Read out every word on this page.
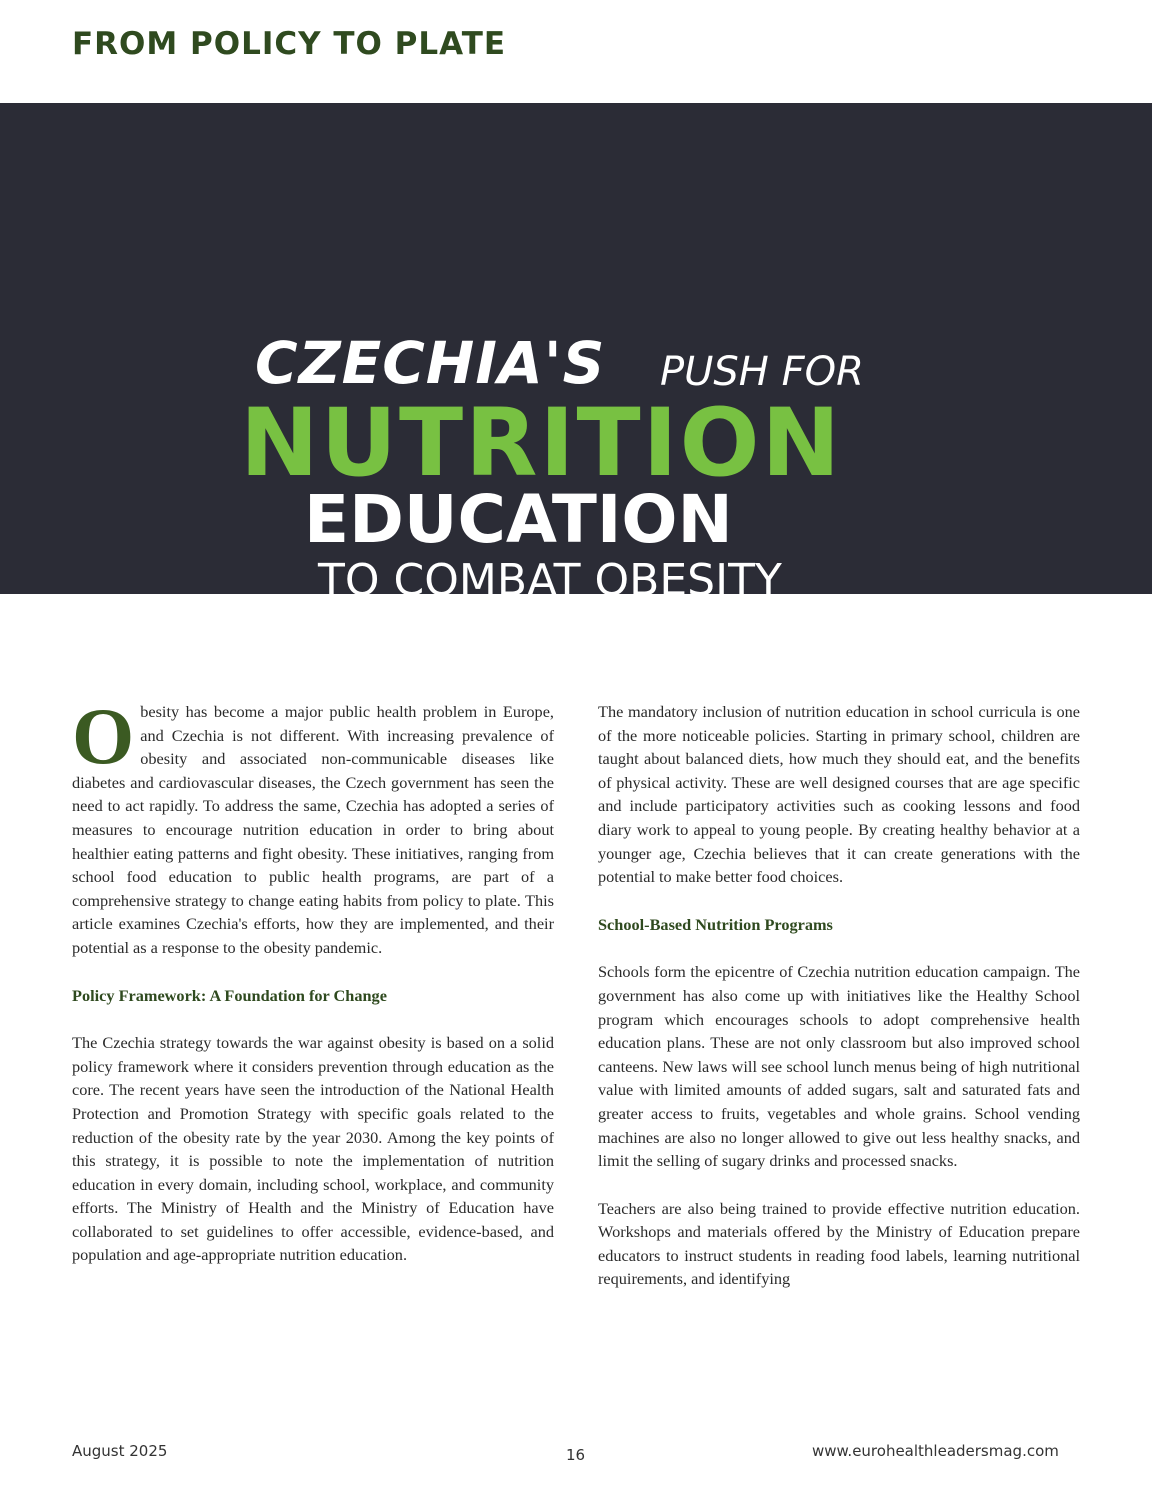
FROM POLICY TO PLATE
CZECHIA'S PUSH FOR
NUTRITION
EDUCATION
TO COMBAT OBESITY

Obesity has become a major public health problem in Europe, and Czechia is not different. With increasing prevalence of obesity and associated non-communicable diseases like diabetes and cardiovascular diseases, the Czech government has seen the need to act rapidly. To address the same, Czechia has adopted a series of measures to encourage nutrition education in order to bring about healthier eating patterns and fight obesity. These initiatives, ranging from school food education to public health programs, are part of a comprehensive strategy to change eating habits from policy to plate. This article examines Czechia's efforts, how they are implemented, and their potential as a response to the obesity pandemic.

Policy Framework: A Foundation for Change

The Czechia strategy towards the war against obesity is based on a solid policy framework where it considers prevention through education as the core. The recent years have seen the introduction of the National Health Protection and Promotion Strategy with specific goals related to the reduction of the obesity rate by the year 2030. Among the key points of this strategy, it is possible to note the implementation of nutrition education in every domain, including school, workplace, and community efforts. The Ministry of Health and the Ministry of Education have collaborated to set guidelines to offer accessible, evidence-based, and population and age-appropriate nutrition education.

The mandatory inclusion of nutrition education in school curricula is one of the more noticeable policies. Starting in primary school, children are taught about balanced diets, how much they should eat, and the benefits of physical activity. These are well designed courses that are age specific and include participatory activities such as cooking lessons and food diary work to appeal to young people. By creating healthy behavior at a younger age, Czechia believes that it can create generations with the potential to make better food choices.

School-Based Nutrition Programs

Schools form the epicentre of Czechia nutrition education campaign. The government has also come up with initiatives like the Healthy School program which encourages schools to adopt comprehensive health education plans. These are not only classroom but also improved school canteens. New laws will see school lunch menus being of high nutritional value with limited amounts of added sugars, salt and saturated fats and greater access to fruits, vegetables and whole grains. School vending machines are also no longer allowed to give out less healthy snacks, and limit the selling of sugary drinks and processed snacks.

Teachers are also being trained to provide effective nutrition education. Workshops and materials offered by the Ministry of Education prepare educators to instruct students in reading food labels, learning nutritional requirements, and identifying

August 2025	16	www.eurohealthleadersmag.com
